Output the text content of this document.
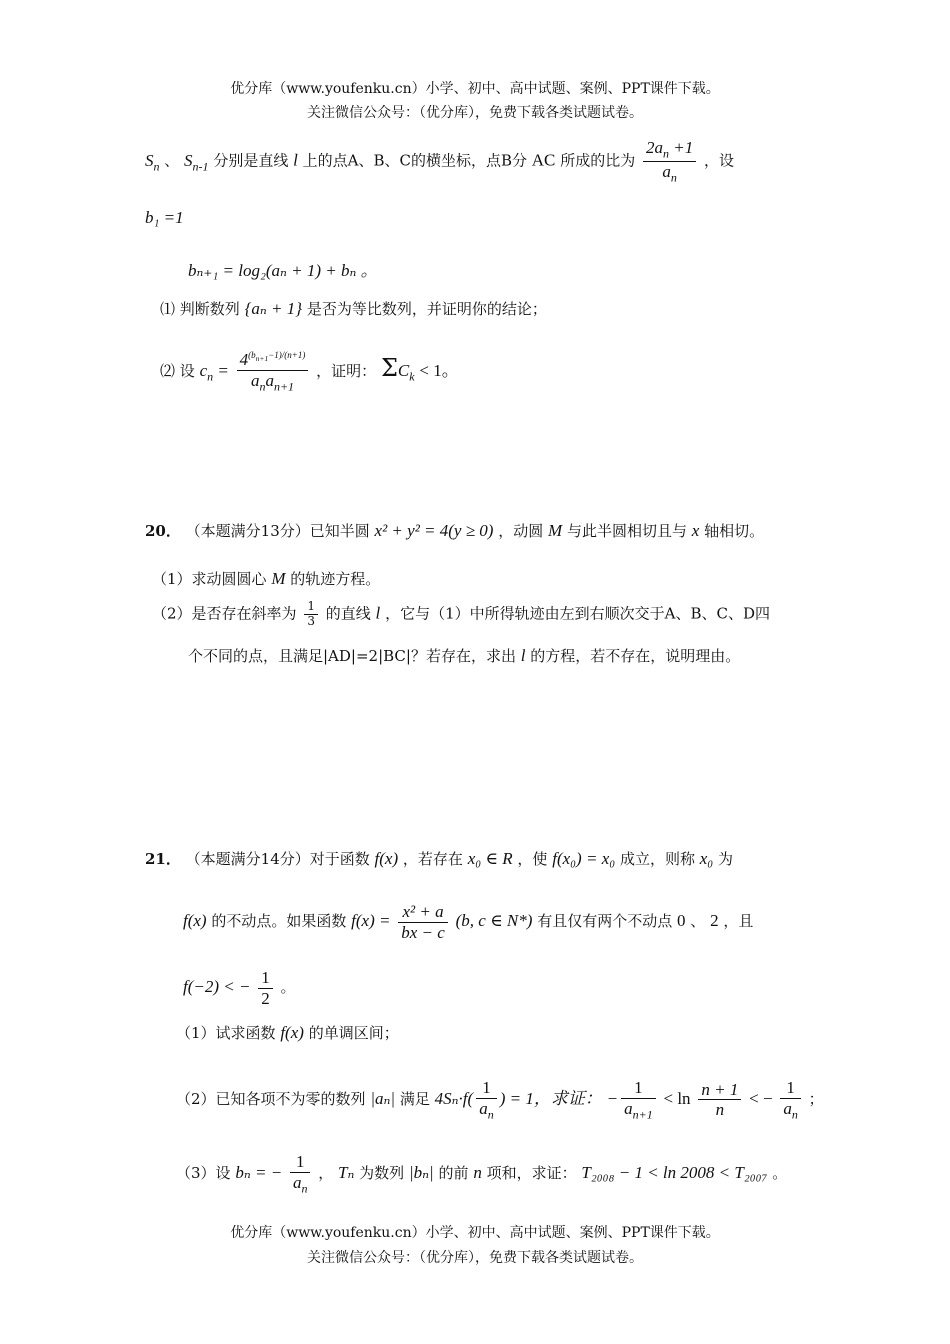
优分库（www.youfenku.cn）小学、初中、高中试题、案例、PPT课件下载。
关注微信公众号：（优分库），免费下载各类试题试卷。
$S_n$ 、 $S_{n-1}$ 分别是直线 l 上的点A、B、C的横坐标，点B分 AC 所成的比为 $\frac{2a_n +1}{a_n}$ ，设
b₁ =1
bₙ₊₁ = log₂(aₙ + 1) + bₙ 。
⑴ 判断数列 {aₙ + 1} 是否为等比数列，并证明你的结论；
⑵ 设 $c_n = \frac{4^{(b_{n+1}-1)/(n+1)}}{a_na_{n+1}}$ ，证明： $\Sigma C_k < 1$。
20． （本题满分13分）已知半圆 x² + y² = 4(y ≥ 0) ，动圆 M 与此半圆相切且与 x 轴相切。
（1）求动圆圆心 M 的轨迹方程。
（2）是否存在斜率为 $\frac{1}{3}$ 的直线 l ，它与（1）中所得轨迹由左到右顺次交于A、B、C、D四
个不同的点，且满足|AD|=2|BC|？若存在，求出 l 的方程，若不存在，说明理由。
21． （本题满分14分）对于函数 f(x) ，若存在 x₀ ∈ R ，使 f(x₀) = x₀ 成立，则称 x₀ 为
f(x) 的不动点。如果函数 $f(x) = \frac{\text{x² + a}}{bx - c} (b$, c ∈ N*) 有且仅有两个不动点 0 、 2 ，且
f(−2) < − $\frac{1}{2}$ 。
（1）试求函数 f(x) 的单调区间；
（2）已知各项不为零的数列 |aₙ| 满足 $4S_n\cdot f( \frac{1}{a_n}$ ) = 1，求证： − $\frac{1}{a_{n+1}} < \ln \frac{n + 1}{n}$ < − $\frac{1}{a_n}$ ；
（3）设 bₙ = − $\frac{1}{a_n}$ ， Tₙ 为数列 |bₙ| 的前 n 项和，求证： T₂₀₀₈ − 1 < ln 2008 < T₂₀₀₇ 。
优分库（www.youfenku.cn）小学、初中、高中试题、案例、PPT课件下载。
关注微信公众号：（优分库），免费下载各类试题试卷。
